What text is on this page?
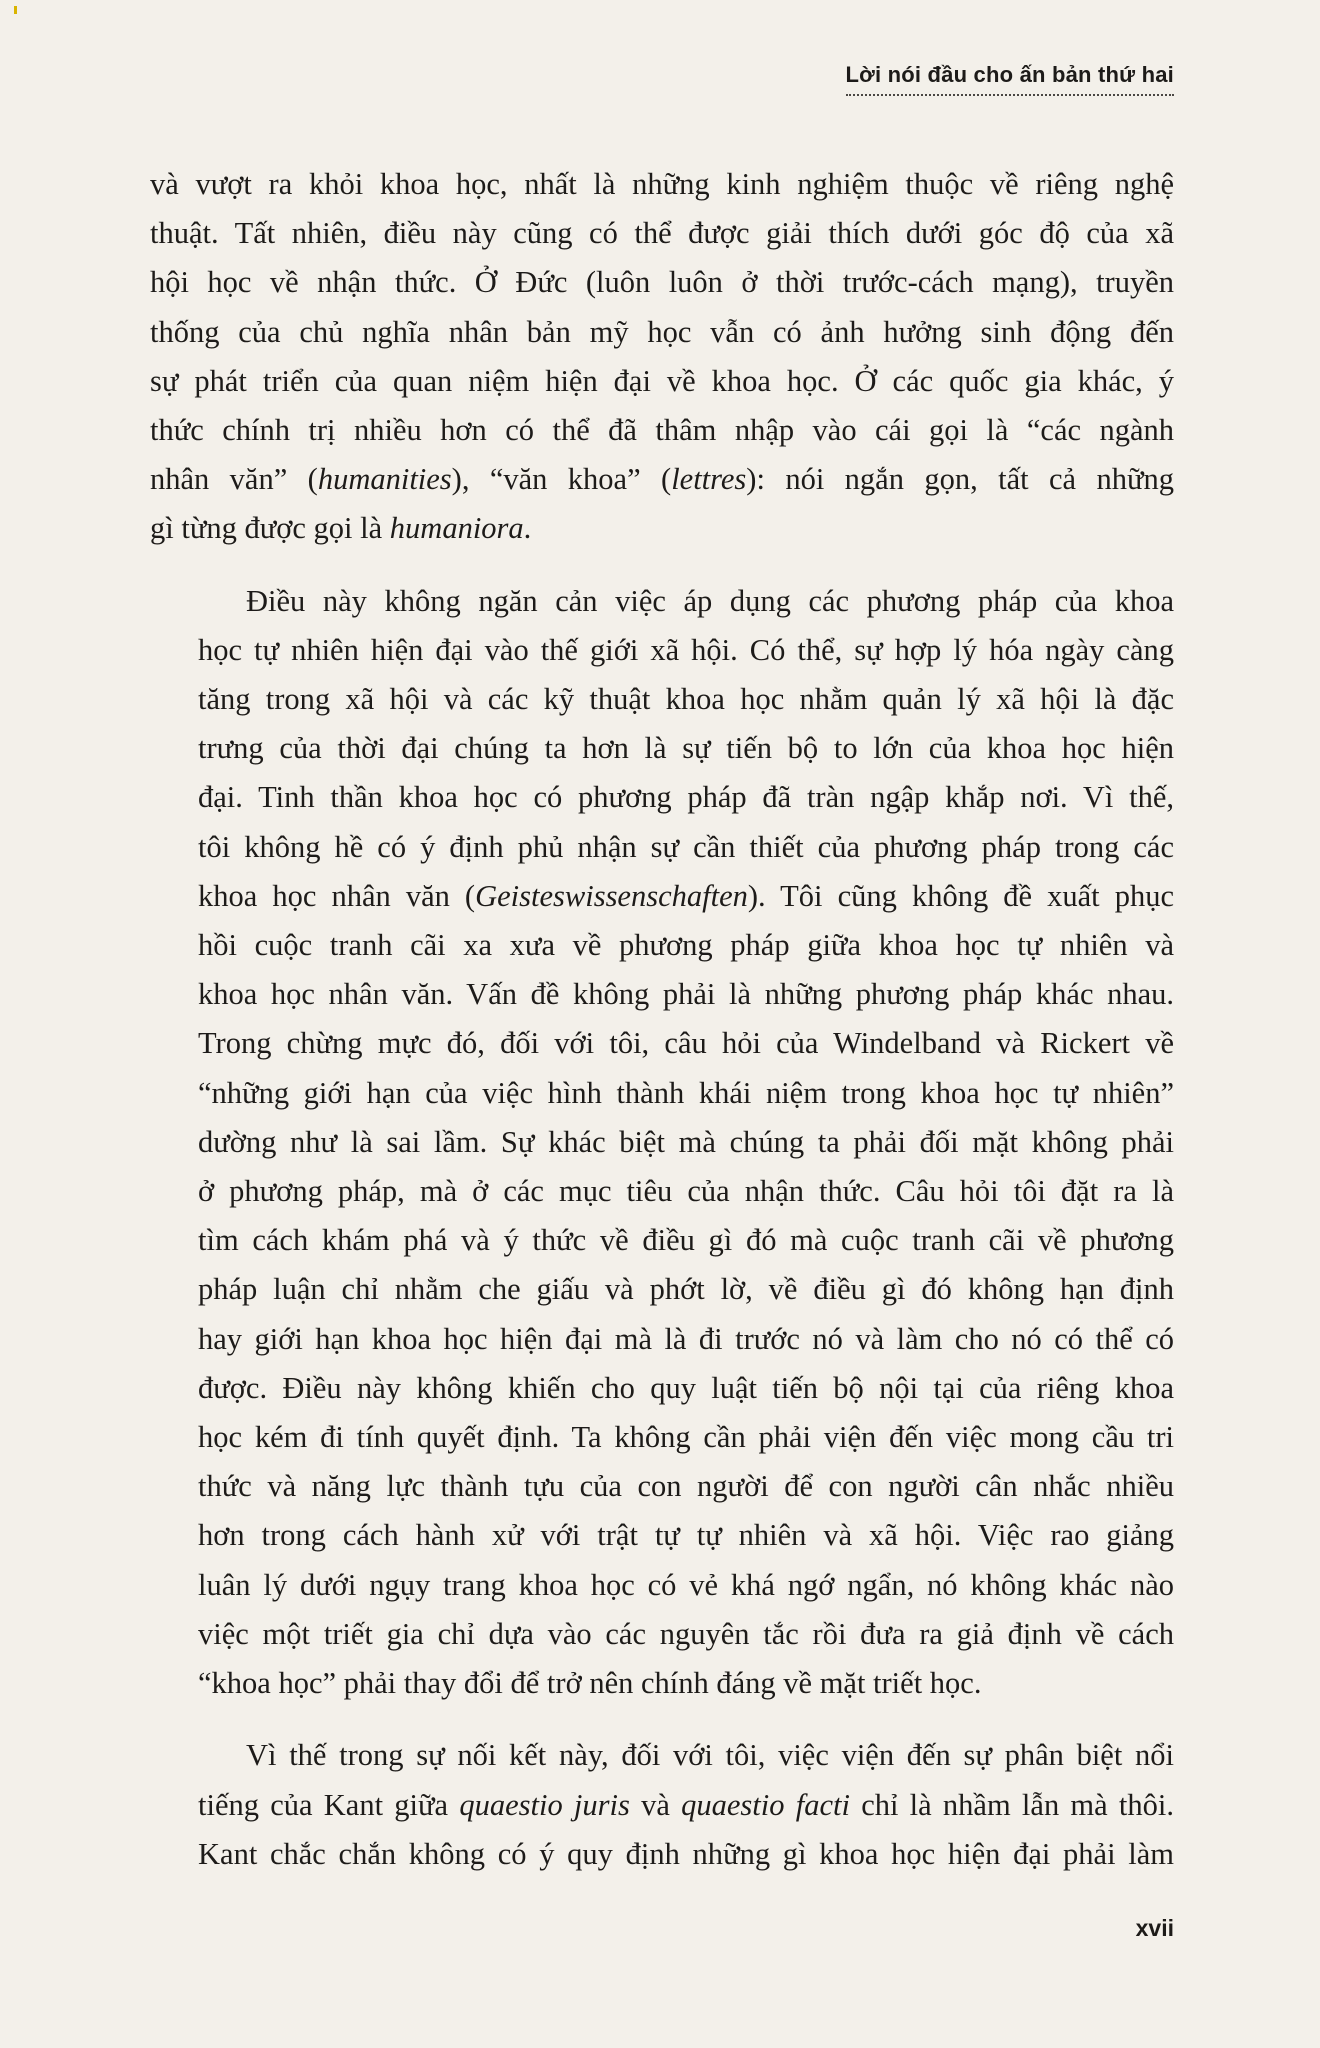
Lời nói đầu cho ấn bản thứ hai

và vượt ra khỏi khoa học, nhất là những kinh nghiệm thuộc về riêng nghệ
thuật. Tất nhiên, điều này cũng có thể được giải thích dưới góc độ của xã
hội học về nhận thức. Ở Đức (luôn luôn ở thời trước-cách mạng), truyền
thống của chủ nghĩa nhân bản mỹ học vẫn có ảnh hưởng sinh động đến
sự phát triển của quan niệm hiện đại về khoa học. Ở các quốc gia khác, ý
thức chính trị nhiều hơn có thể đã thâm nhập vào cái gọi là “các ngành
nhân văn” (humanities), “văn khoa” (lettres): nói ngắn gọn, tất cả những
gì từng được gọi là humaniora.

Điều này không ngăn cản việc áp dụng các phương pháp của khoa
học tự nhiên hiện đại vào thế giới xã hội. Có thể, sự hợp lý hóa ngày càng
tăng trong xã hội và các kỹ thuật khoa học nhằm quản lý xã hội là đặc
trưng của thời đại chúng ta hơn là sự tiến bộ to lớn của khoa học hiện
đại. Tinh thần khoa học có phương pháp đã tràn ngập khắp nơi. Vì thế,
tôi không hề có ý định phủ nhận sự cần thiết của phương pháp trong các
khoa học nhân văn (Geisteswissenschaften). Tôi cũng không đề xuất phục
hồi cuộc tranh cãi xa xưa về phương pháp giữa khoa học tự nhiên và
khoa học nhân văn. Vấn đề không phải là những phương pháp khác nhau.
Trong chừng mực đó, đối với tôi, câu hỏi của Windelband và Rickert về
“những giới hạn của việc hình thành khái niệm trong khoa học tự nhiên”
dường như là sai lầm. Sự khác biệt mà chúng ta phải đối mặt không phải
ở phương pháp, mà ở các mục tiêu của nhận thức. Câu hỏi tôi đặt ra là
tìm cách khám phá và ý thức về điều gì đó mà cuộc tranh cãi về phương
pháp luận chỉ nhằm che giấu và phớt lờ, về điều gì đó không hạn định
hay giới hạn khoa học hiện đại mà là đi trước nó và làm cho nó có thể có
được. Điều này không khiến cho quy luật tiến bộ nội tại của riêng khoa
học kém đi tính quyết định. Ta không cần phải viện đến việc mong cầu tri
thức và năng lực thành tựu của con người để con người cân nhắc nhiều
hơn trong cách hành xử với trật tự tự nhiên và xã hội. Việc rao giảng
luân lý dưới ngụy trang khoa học có vẻ khá ngớ ngẩn, nó không khác nào
việc một triết gia chỉ dựa vào các nguyên tắc rồi đưa ra giả định về cách
“khoa học” phải thay đổi để trở nên chính đáng về mặt triết học.

Vì thế trong sự nối kết này, đối với tôi, việc viện đến sự phân biệt nổi
tiếng của Kant giữa quaestio juris và quaestio facti chỉ là nhầm lẫn mà thôi.
Kant chắc chắn không có ý quy định những gì khoa học hiện đại phải làm

xvii
